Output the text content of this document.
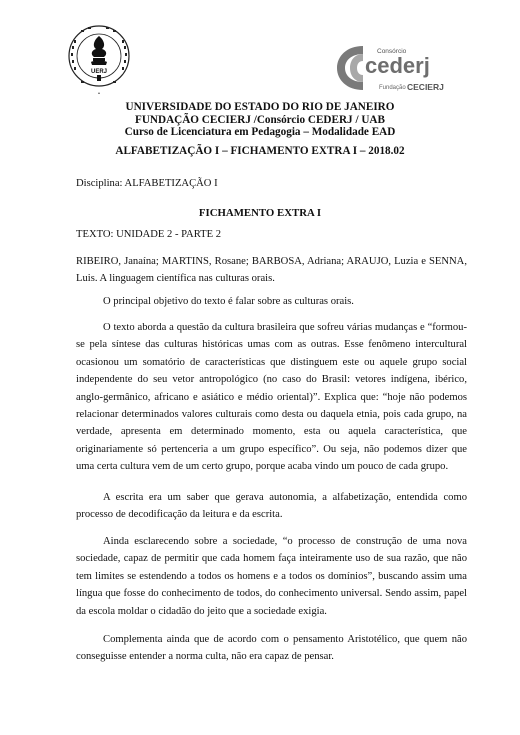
UERJ
•
Consórcio
cederj
Fundação CECIERJ
UNIVERSIDADE DO ESTADO DO RIO DE JANEIRO
FUNDAÇÃO CECIERJ /Consórcio CEDERJ / UAB
Curso de Licenciatura em Pedagogia – Modalidade EAD
ALFABETIZAÇÃO I – FICHAMENTO EXTRA I – 2018.02
Disciplina: ALFABETIZAÇÃO I
FICHAMENTO EXTRA I
TEXTO: UNIDADE 2 - PARTE 2
RIBEIRO, Janaína; MARTINS, Rosane; BARBOSA, Adriana; ARAUJO, Luzia e SENNA, Luis. A linguagem científica nas culturas orais.
O principal objetivo do texto é falar sobre as culturas orais.
O texto aborda a questão da cultura brasileira que sofreu várias mudanças e “formou-se pela síntese das culturas históricas umas com as outras. Esse fenômeno intercultural ocasionou um somatório de características que distinguem este ou aquele grupo social independente do seu vetor antropológico (no caso do Brasil: vetores indígena, ibérico, anglo-germânico, africano e asiático e médio oriental)”. Explica que: “hoje não podemos relacionar determinados valores culturais como desta ou daquela etnia, pois cada grupo, na verdade, apresenta em determinado momento, esta ou aquela característica, que originariamente só pertenceria a um grupo específico”. Ou seja, não podemos dizer que uma certa cultura vem de um certo grupo, porque acaba vindo um pouco de cada grupo.
A escrita era um saber que gerava autonomia, a alfabetização, entendida como processo de decodificação da leitura e da escrita.
Ainda esclarecendo sobre a sociedade, “o processo de construção de uma nova sociedade, capaz de permitir que cada homem faça inteiramente uso de sua razão, que não tem limites se estendendo a todos os homens e a todos os domínios”, buscando assim uma língua que fosse do conhecimento de todos, do conhecimento universal. Sendo assim, papel da escola moldar o cidadão do jeito que a sociedade exigia.
Complementa ainda que de acordo com o pensamento Aristotélico, que quem não conseguisse entender a norma culta, não era capaz de pensar.
